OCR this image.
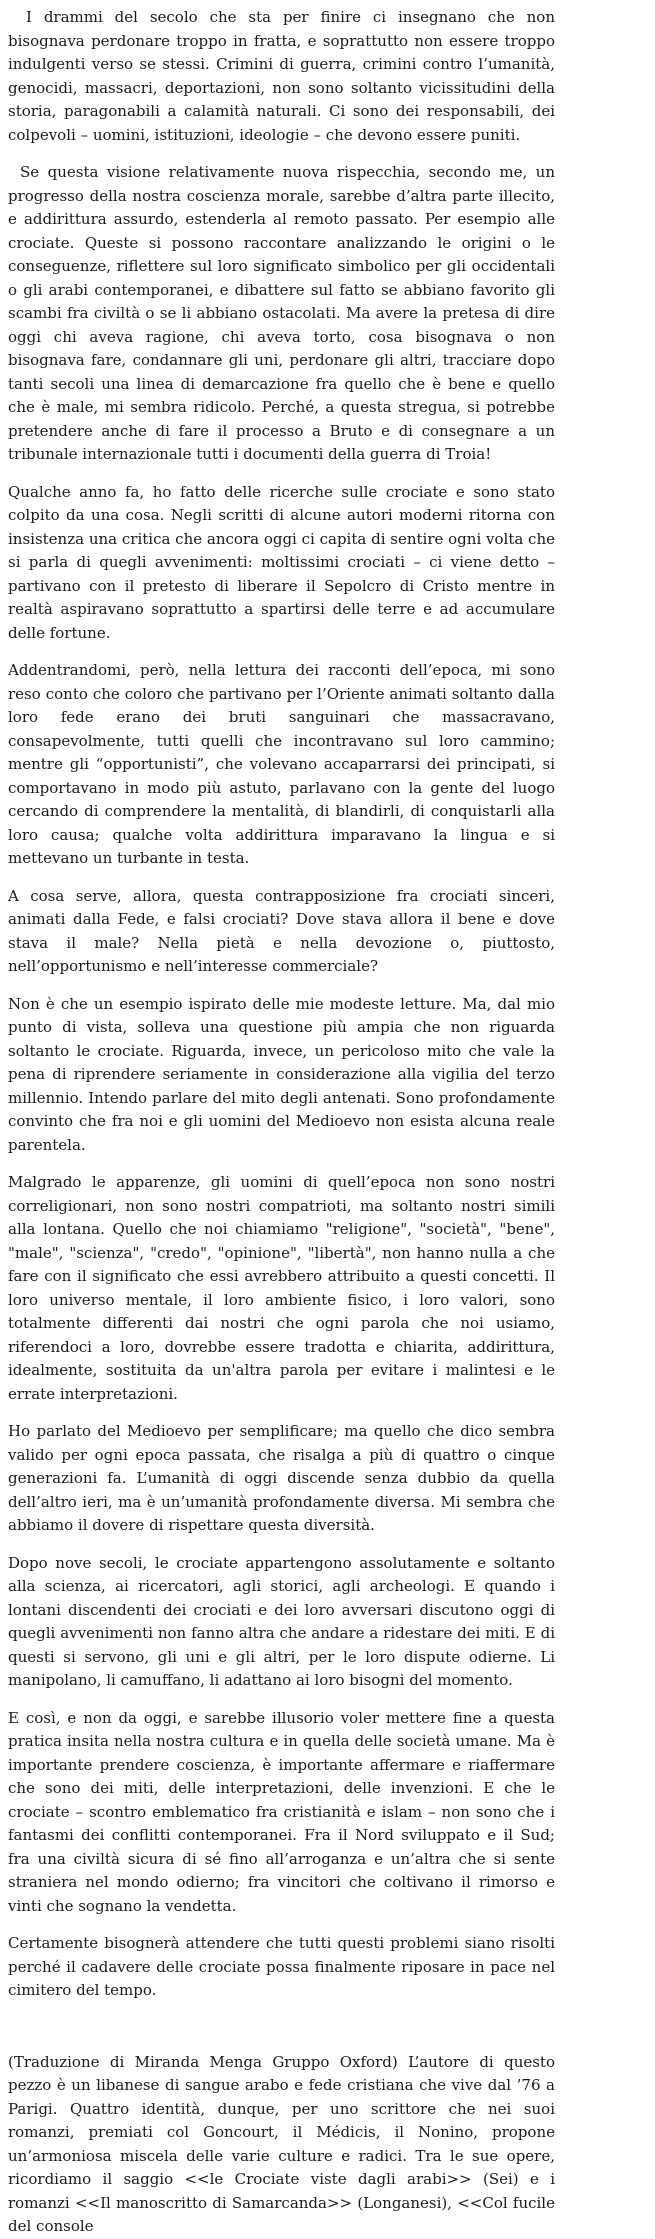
I drammi del secolo che sta per finire ci insegnano che non bisognava perdonare troppo in fratta, e soprattutto non essere troppo indulgenti verso se stessi. Crimini di guerra, crimini contro l’umanità, genocidi, massacri, deportazioni, non sono soltanto vicissitudini della storia, paragonabili a calamità naturali. Ci sono dei responsabili, dei colpevoli – uomini, istituzioni, ideologie – che devono essere puniti.

Se questa visione relativamente nuova rispecchia, secondo me, un progresso della nostra coscienza morale, sarebbe d’altra parte illecito, e addirittura assurdo, estenderla al remoto passato. Per esempio alle crociate. Queste si possono raccontare analizzando le origini o le conseguenze, riflettere sul loro significato simbolico per gli occidentali o gli arabi contemporanei, e dibattere sul fatto se abbiano favorito gli scambi fra civiltà o se li abbiano ostacolati. Ma avere la pretesa di dire oggi chi aveva ragione, chi aveva torto, cosa bisognava o non bisognava fare, condannare gli uni, perdonare gli altri, tracciare dopo tanti secoli una linea di demarcazione fra quello che è bene e quello che è male, mi sembra ridicolo. Perché, a questa stregua, si potrebbe pretendere anche di fare il processo a Bruto e di consegnare a un tribunale internazionale tutti i documenti della guerra di Troia!

Qualche anno fa, ho fatto delle ricerche sulle crociate e sono stato colpito da una cosa. Negli scritti di alcune autori moderni ritorna con insistenza una critica che ancora oggi ci capita di sentire ogni volta che si parla di quegli avvenimenti: moltissimi crociati – ci viene detto – partivano con il pretesto di liberare il Sepolcro di Cristo mentre in realtà aspiravano soprattutto a spartirsi delle terre e ad accumulare delle fortune.

Addentrandomi, però, nella lettura dei racconti dell’epoca, mi sono reso conto che coloro che partivano per l’Oriente animati soltanto dalla loro fede erano dei bruti sanguinari che massacravano, consapevolmente, tutti quelli che incontravano sul loro cammino; mentre gli “opportunisti”, che volevano accaparrarsi dei principati, si comportavano in modo più astuto, parlavano con la gente del luogo cercando di comprendere la mentalità, di blandirli, di conquistarli alla loro causa; qualche volta addirittura imparavano la lingua e si mettevano un turbante in testa.

A cosa serve, allora, questa contrapposizione fra crociati sinceri, animati dalla Fede, e falsi crociati? Dove stava allora il bene e dove stava il male? Nella pietà e nella devozione o, piuttosto, nell’opportunismo e nell’interesse commerciale?

Non è che un esempio ispirato delle mie modeste letture. Ma, dal mio punto di vista, solleva una questione più ampia che non riguarda soltanto le crociate. Riguarda, invece, un pericoloso mito che vale la pena di riprendere seriamente in considerazione alla vigilia del terzo millennio. Intendo parlare del mito degli antenati. Sono profondamente convinto che fra noi e gli uomini del Medioevo non esista alcuna reale parentela.

Malgrado le apparenze, gli uomini di quell’epoca non sono nostri correligionari, non sono nostri compatrioti, ma soltanto nostri simili alla lontana. Quello che noi chiamiamo "religione", "società", "bene", "male", "scienza", "credo", "opinione", "libertà", non hanno nulla a che fare con il significato che essi avrebbero attribuito a questi concetti. Il loro universo mentale, il loro ambiente fisico, i loro valori, sono totalmente differenti dai nostri che ogni parola che noi usiamo, riferendoci a loro, dovrebbe essere tradotta e chiarita, addirittura, idealmente, sostituita da un'altra parola per evitare i malintesi e le errate interpretazioni.

Ho parlato del Medioevo per semplificare; ma quello che dico sembra valido per ogni epoca passata, che risalga a più di quattro o cinque generazioni fa. L’umanità di oggi discende senza dubbio da quella dell’altro ieri, ma è un’umanità profondamente diversa. Mi sembra che abbiamo il dovere di rispettare questa diversità.

Dopo nove secoli, le crociate appartengono assolutamente e soltanto alla scienza, ai ricercatori, agli storici, agli archeologi. E quando i lontani discendenti dei crociati e dei loro avversari discutono oggi di quegli avvenimenti non fanno altra che andare a ridestare dei miti. E di questi si servono, gli uni e gli altri, per le loro dispute odierne. Li manipolano, li camuffano, li adattano ai loro bisogni del momento.

E così, e non da oggi, e sarebbe illusorio voler mettere fine a questa pratica insita nella nostra cultura e in quella delle società umane. Ma è importante prendere coscienza, è importante affermare e riaffermare che sono dei miti, delle interpretazioni, delle invenzioni. E che le crociate – scontro emblematico fra cristianità e islam – non sono che i fantasmi dei conflitti contemporanei. Fra il Nord sviluppato e il Sud; fra una civiltà sicura di sé fino all’arroganza e un’altra che si sente straniera nel mondo odierno; fra vincitori che coltivano il rimorso e vinti che sognano la vendetta.

Certamente bisognerà attendere che tutti questi problemi siano risolti perché il cadavere delle crociate possa finalmente riposare in pace nel cimitero del tempo.

(Traduzione di Miranda Menga Gruppo Oxford) L’autore di questo pezzo è un libanese di sangue arabo e fede cristiana che vive dal ’76 a Parigi. Quattro identità, dunque, per uno scrittore che nei suoi romanzi, premiati col Goncourt, il Médicis, il Nonino, propone un’armoniosa miscela delle varie culture e radici. Tra le sue opere, ricordiamo il saggio <<le Crociate viste dagli arabi>> (Sei) e i romanzi <<Il manoscritto di Samarcanda>> (Longanesi), <<Col fucile del console
